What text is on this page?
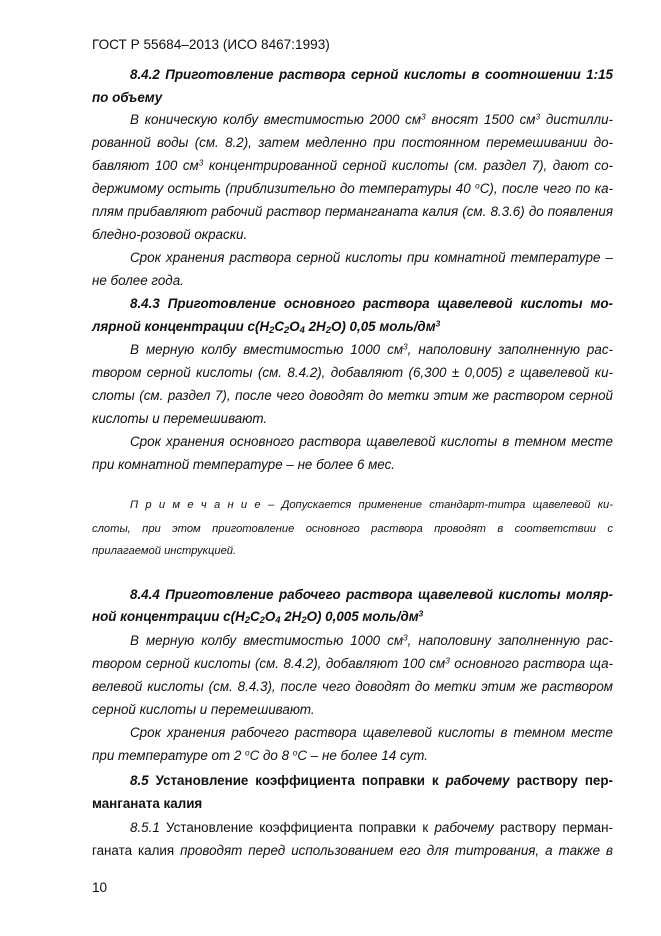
ГОСТ Р 55684–2013 (ИСО 8467:1993)
8.4.2 Приготовление раствора серной кислоты в соотношении 1:15
по объему
В коническую колбу вместимостью 2000 $см^3$ вносят 1500 $см^3$ дистилли-
рованной воды (см. 8.2), затем медленно при постоянном перемешивании до-
бавляют 100 $см^3$ концентрированной серной кислоты (см. раздел 7), дают со-
держимому остыть (приблизительно до температуры 40 $^o$С), после чего по ка-
плям прибавляют рабочий раствор перманганата калия (см. 8.3.6) до появления
бледно-розовой окраски.
Срок хранения раствора серной кислоты при комнатной температуре –
не более года.
8.4.3 Приготовление основного раствора щавелевой кислоты мо-
лярной концентрации $c(H_2C_2O_4$ $2H_2O$) 0,05 моль/$дм^3$
В мерную колбу вместимостью 1000 $см^3$, наполовину заполненную рас-
твором серной кислоты (см. 8.4.2), добавляют (6,300 ± 0,005) г щавелевой ки-
слоты (см. раздел 7), после чего доводят до метки этим же раствором серной
кислоты и перемешивают.
Срок хранения основного раствора щавелевой кислоты в темном месте
при комнатной температуре – не более 6 мес.
П р и м е ч а н и е – Допускается применение стандарт-титра щавелевой ки-
слоты, при этом приготовление основного раствора проводят в соответствии с
прилагаемой инструкцией.
8.4.4 Приготовление рабочего раствора щавелевой кислоты моляр-
ной концентрации $c(H_2C_2O_4$ $2H_2O$) 0,005 моль/$дм^3$
В мерную колбу вместимостью 1000 $см^3$, наполовину заполненную рас-
твором серной кислоты (см. 8.4.2), добавляют 100 $см^3$ основного раствора ща-
велевой кислоты (см. 8.4.3), после чего доводят до метки этим же раствором
серной кислоты и перемешивают.
Срок хранения рабочего раствора щавелевой кислоты в темном месте
при температуре от 2 $^o$С до 8 $^o$С – не более 14 сут.
8.5 Установление коэффициента поправки к рабочему раствору пер-
манганата калия
8.5.1 Установление коэффициента поправки к рабочему раствору перман-
ганата калия проводят перед использованием его для титрования, а также в
10
